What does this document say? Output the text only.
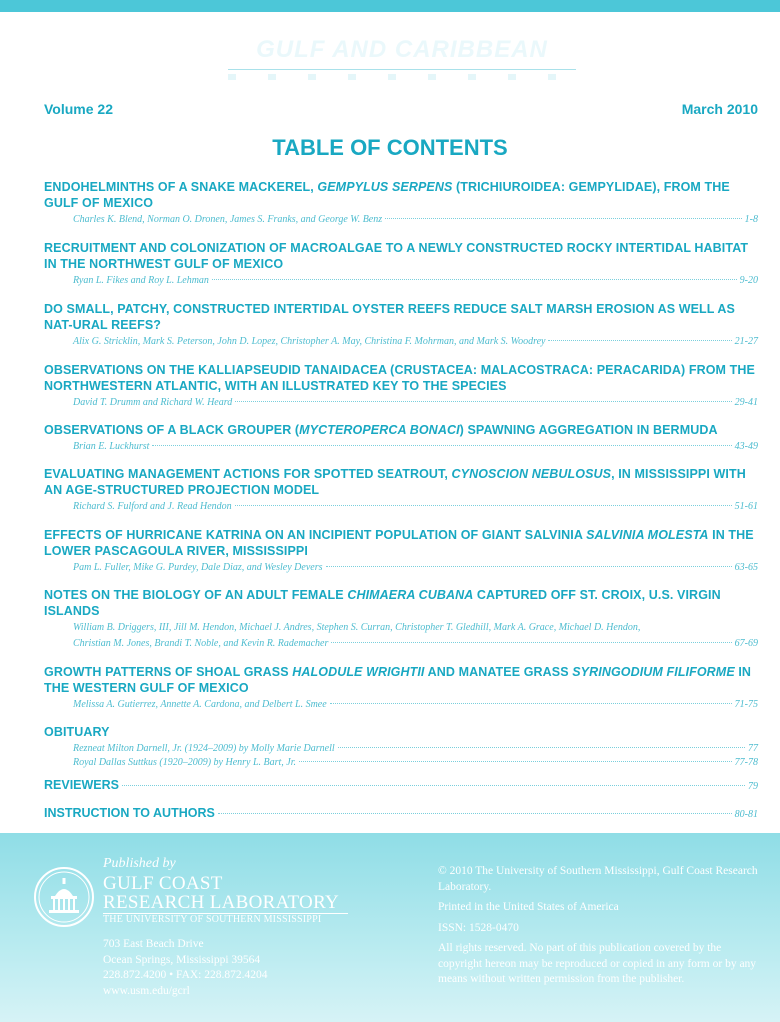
GULF AND CARIBBEAN
Volume 22	March 2010
TABLE OF CONTENTS
ENDOHELMINTHS OF A SNAKE MACKEREL, GEMPYLUS SERPENS (TRICHIUROIDEA: GEMPYLIDAE), FROM THE GULF OF MEXICO
Charles K. Blend, Norman O. Dronen, James S. Franks, and George W. Benz	1-8
RECRUITMENT AND COLONIZATION OF MACROALGAE TO A NEWLY CONSTRUCTED ROCKY INTERTIDAL HABITAT IN THE NORTHWEST GULF OF MEXICO
Ryan L. Fikes and Roy L. Lehman	9-20
DO SMALL, PATCHY, CONSTRUCTED INTERTIDAL OYSTER REEFS REDUCE SALT MARSH EROSION AS WELL AS NAT-URAL REEFS?
Alix G. Stricklin, Mark S. Peterson, John D. Lopez, Christopher A. May, Christina F. Mohrman, and Mark S. Woodrey	21-27
OBSERVATIONS ON THE KALLIAPSEUDID TANAIDACEA (CRUSTACEA: MALACOSTRACA: PERACARIDA) FROM THE NORTHWESTERN ATLANTIC, WITH AN ILLUSTRATED KEY TO THE SPECIES
David T. Drumm and Richard W. Heard	29-41
OBSERVATIONS OF A BLACK GROUPER (MYCTEROPERCA BONACI) SPAWNING AGGREGATION IN BERMUDA
Brian E. Luckhurst	43-49
EVALUATING MANAGEMENT ACTIONS FOR SPOTTED SEATROUT, CYNOSCION NEBULOSUS, IN MISSISSIPPI WITH AN AGE-STRUCTURED PROJECTION MODEL
Richard S. Fulford and J. Read Hendon	51-61
EFFECTS OF HURRICANE KATRINA ON AN INCIPIENT POPULATION OF GIANT SALVINIA SALVINIA MOLESTA IN THE LOWER PASCAGOULA RIVER, MISSISSIPPI
Pam L. Fuller, Mike G. Purdey, Dale Diaz, and Wesley Devers	63-65
NOTES ON THE BIOLOGY OF AN ADULT FEMALE CHIMAERA CUBANA CAPTURED OFF ST. CROIX, U.S. VIRGIN ISLANDS
William B. Driggers, III, Jill M. Hendon, Michael J. Andres, Stephen S. Curran, Christopher T. Gledhill, Mark A. Grace, Michael D. Hendon,
Christian M. Jones, Brandi T. Noble, and Kevin R. Rademacher	67-69
GROWTH PATTERNS OF SHOAL GRASS HALODULE WRIGHTII AND MANATEE GRASS SYRINGODIUM FILIFORME IN THE WESTERN GULF OF MEXICO
Melissa A. Gutierrez, Annette A. Cardona, and Delbert L. Smee	71-75
OBITUARY
Rezneat Milton Darnell, Jr. (1924–2009) by Molly Marie Darnell	77
Royal Dallas Suttkus (1920–2009) by Henry L. Bart, Jr.	77-78
REVIEWERS	79
INSTRUCTION TO AUTHORS	80-81
Published by
GULF COAST
RESEARCH LABORATORY
THE UNIVERSITY OF SOUTHERN MISSISSIPPI
703 East Beach Drive
Ocean Springs, Mississippi 39564
228.872.4200 • FAX: 228.872.4204
www.usm.edu/gcrl

© 2010 The University of Southern Mississippi, Gulf Coast Research Laboratory.

Printed in the United States of America

ISSN: 1528-0470

All rights reserved. No part of this publication covered by the copyright hereon may be reproduced or copied in any form or by any means without written permission from the publisher.
